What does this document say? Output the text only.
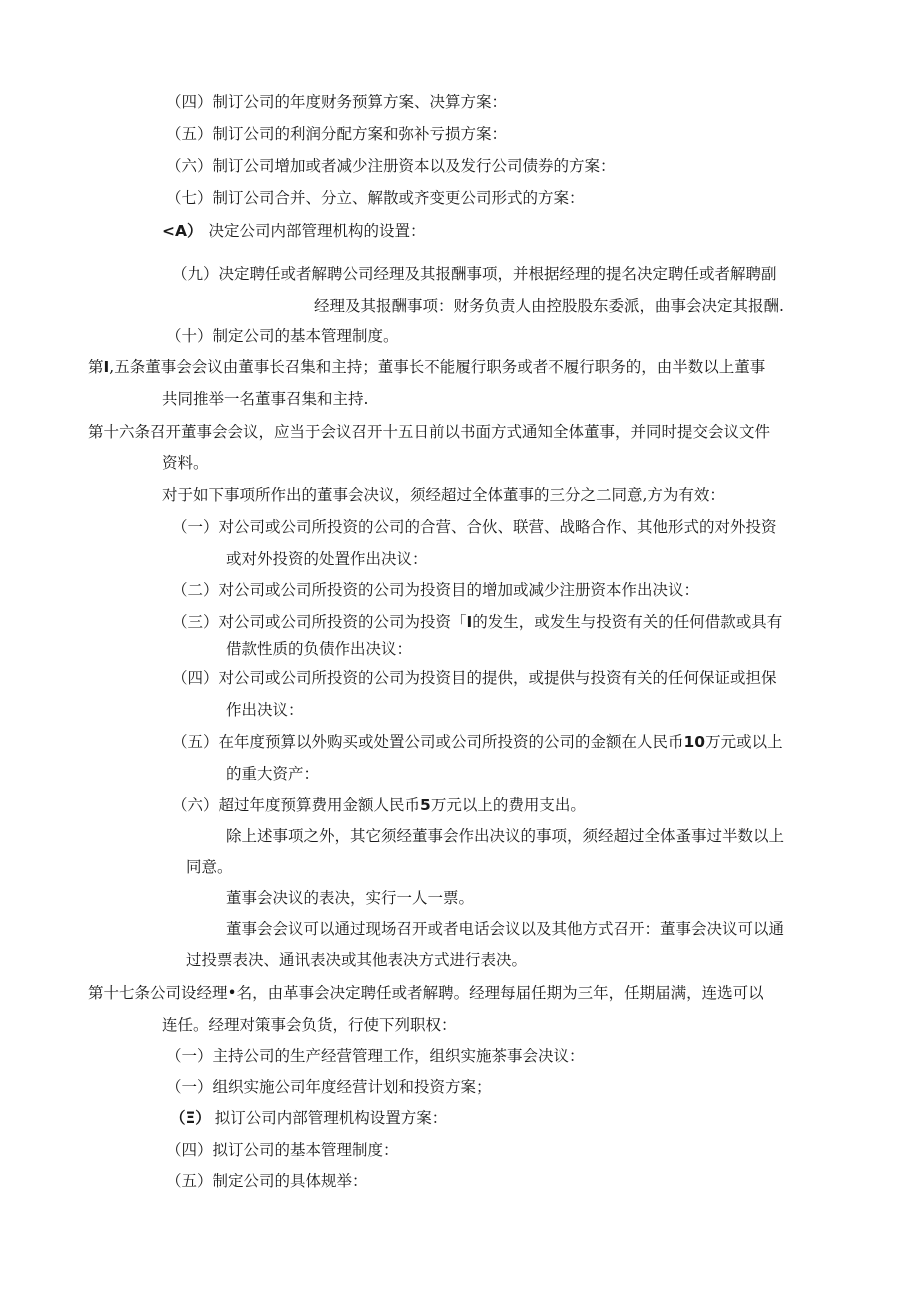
（四）制订公司的年度财务预算方案、决算方案：
（五）制订公司的利润分配方案和弥补亏损方案：
（六）制订公司增加或者减少注册资本以及发行公司债券的方案：
（七）制订公司合并、分立、解散或齐变更公司形式的方案：
<A） 决定公司内部管理机构的设置：
（九）决定聘任或者解聘公司经理及其报酬事项，并根据经理的提名决定聘任或者解聘副
经理及其报酬事项：财务负责人由控股股东委派，曲事会决定其报酬.
（十）制定公司的基本管理制度。
第I,五条董事会会议由董事长召集和主持；董事长不能履行职务或者不履行职务的，由半数以上董事
共同推举一名董事召集和主持.
第十六条召开董事会会议，应当于会议召开十五日前以书面方式通知全体董事，并同时提交会议文件
资料。
对于如下事项所作出的董事会决议，须经超过全体董事的三分之二同意,方为有效：
（一）对公司或公司所投资的公司的合营、合伙、联营、战略合作、其他形式的对外投资
或对外投资的处置作出决议：
（二）对公司或公司所投资的公司为投资目的增加或减少注册资本作出决议：
（三）对公司或公司所投资的公司为投资「I的发生，或发生与投资有关的任何借款或具有
借款性质的负债作出决议：
（四）对公司或公司所投资的公司为投资目的提供，或提供与投资有关的任何保证或担保
作出决议：
（五）在年度预算以外购买或处置公司或公司所投资的公司的金额在人民币10万元或以上
的重大资产：
（六）超过年度预算费用金额人民币5万元以上的费用支出。
除上述事项之外，其它须经董事会作出决议的事项，须经超过全体蚤事过半数以上
同意。
董事会决议的表决，实行一人一票。
董事会会议可以通过现场召开或者电话会议以及其他方式召开：董事会决议可以通
过投票表决、通讯表决或其他表决方式进行表决。
第十七条公司设经理•名，由革事会决定聘任或者解聘。经理每届任期为三年，任期届满，连选可以
连任。经理对策事会负货，行使下列职权：
（一）主持公司的生产经营管理工作，组织实施茶事会决议：
（一）组织实施公司年度经营计划和投资方案；
（Ξ） 拟订公司内部管理机构设置方案：
（四）拟订公司的基本管理制度：
（五）制定公司的具体规举：
